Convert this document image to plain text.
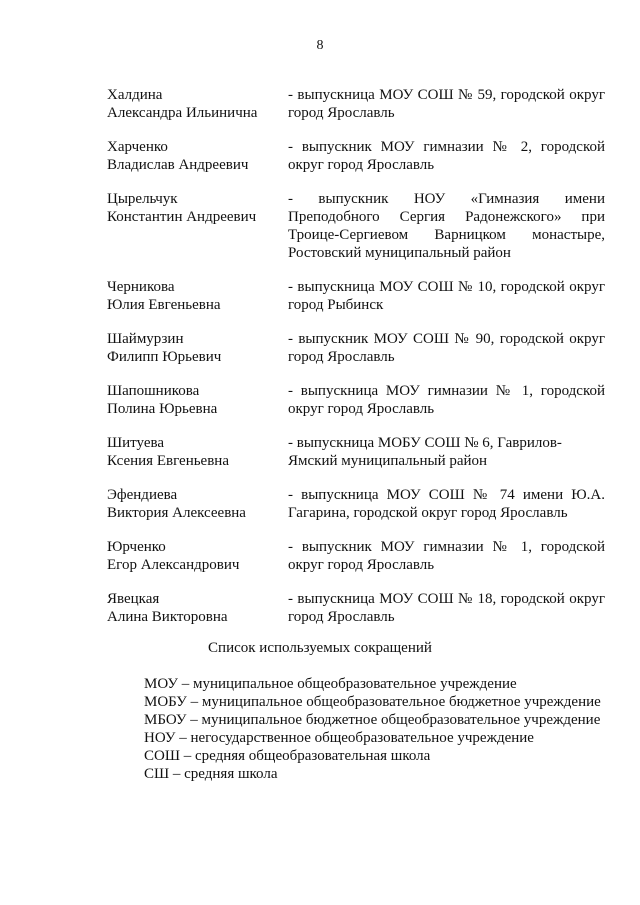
8
Халдина
Александра Ильинична
- выпускница МОУ СОШ № 59, городской округ город Ярославль
Харченко
Владислав Андреевич
- выпускник МОУ гимназии № 2, городской округ город Ярославль
Цырельчук
Константин Андреевич
- выпускник НОУ «Гимназия имени Преподобного Сергия Радонежского» при Троице-Сергиевом Варницком монастыре, Ростовский муниципальный район
Черникова
Юлия Евгеньевна
- выпускница МОУ СОШ № 10, городской округ город Рыбинск
Шаймурзин
Филипп Юрьевич
- выпускник МОУ СОШ № 90, городской округ город Ярославль
Шапошникова
Полина Юрьевна
- выпускница МОУ гимназии № 1, городской округ город Ярославль
Шитуева
Ксения Евгеньевна
- выпускница МОБУ СОШ № 6, Гаврилов-
Ямский муниципальный район
Эфендиева
Виктория Алексеевна
- выпускница МОУ СОШ № 74 имени Ю.А. Гагарина, городской округ город Ярославль
Юрченко
Егор Александрович
- выпускник МОУ гимназии № 1, городской округ город Ярославль
Явецкая
Алина Викторовна
- выпускница МОУ СОШ № 18, городской округ город Ярославль
Список используемых сокращений
МОУ – муниципальное общеобразовательное учреждение
МОБУ – муниципальное общеобразовательное бюджетное учреждение
МБОУ – муниципальное бюджетное общеобразовательное учреждение
НОУ – негосударственное общеобразовательное учреждение
СОШ – средняя общеобразовательная школа
СШ – средняя школа
